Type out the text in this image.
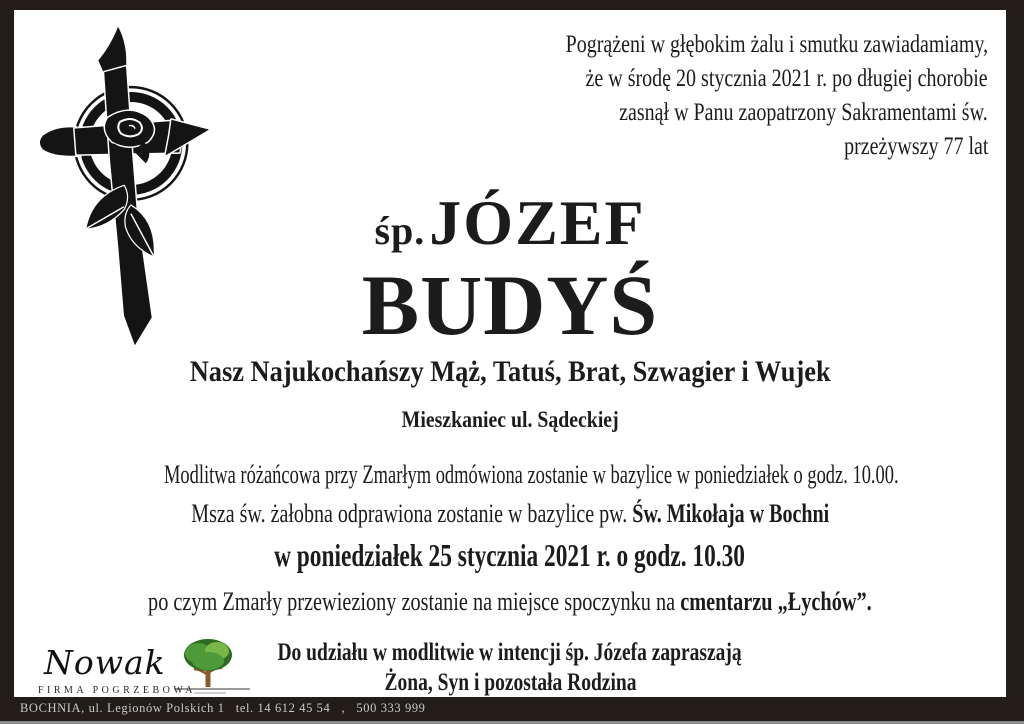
Pogrążeni w głębokim żalu i smutku zawiadamiamy,
że w środę 20 stycznia 2021 r. po długiej chorobie
zasnął w Panu zaopatrzony Sakramentami św.
przeżywszy 77 lat
śp. JÓZEF
BUDYŚ
Nasz Najukochańszy Mąż, Tatuś, Brat, Szwagier i Wujek
Mieszkaniec ul. Sądeckiej
Modlitwa różańcowa przy Zmarłym odmówiona zostanie w bazylice w poniedziałek o godz. 10.00.
Msza św. żałobna odprawiona zostanie w bazylice pw. Św. Mikołaja w Bochni
w poniedziałek 25 stycznia 2021 r. o godz. 10.30
po czym Zmarły przewieziony zostanie na miejsce spoczynku na cmentarzu „Łychów”.
Do udziału w modlitwie w intencji śp. Józefa zapraszają
Żona, Syn i pozostała Rodzina
Nowak
FIRMA POGRZEBOWA
BOCHNIA, ul. Legionów Polskich 1   tel. 14 612 45 54   ,   500 333 999
